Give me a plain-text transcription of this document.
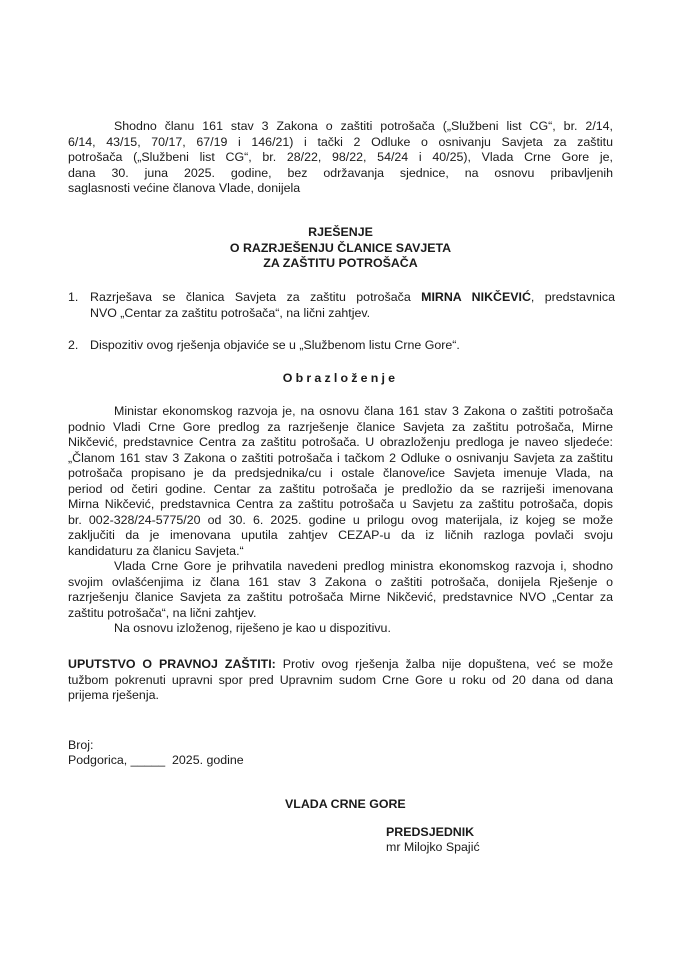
Shodno članu 161 stav 3 Zakona o zaštiti potrošača („Službeni list CG“, br. 2/14,
6/14, 43/15, 70/17, 67/19 i 146/21) i tački 2 Odluke o osnivanju Savjeta za zaštitu
potrošača („Službeni list CG“, br. 28/22, 98/22, 54/24 i 40/25), Vlada Crne Gore je,
dana 30. juna 2025. godine, bez održavanja sjednice, na osnovu pribavljenih
saglasnosti većine članova Vlade, donijela
RJEŠENJE
O RAZRJEŠENJU ČLANICE SAVJETA
ZA ZAŠTITU POTROŠAČA
1. Razrješava se članica Savjeta za zaštitu potrošača MIRNA NIKČEVIĆ, predstavnica
NVO „Centar za zaštitu potrošača“, na lični zahtjev.
2. Dispozitiv ovog rješenja objaviće se u „Službenom listu Crne Gore“.
Obrazloženje
Ministar ekonomskog razvoja je, na osnovu člana 161 stav 3 Zakona o zaštiti potrošača
podnio Vladi Crne Gore predlog za razrješenje članice Savjeta za zaštitu potrošača, Mirne
Nikčević, predstavnice Centra za zaštitu potrošača. U obrazloženju predloga je naveo sljedeće:
„Članom 161 stav 3 Zakona o zaštiti potrošača i tačkom 2 Odluke o osnivanju Savjeta za zaštitu
potrošača propisano je da predsjednika/cu i ostale članove/ice Savjeta imenuje Vlada, na
period od četiri godine. Centar za zaštitu potrošača je predložio da se razriješi imenovana
Mirna Nikčević, predstavnica Centra za zaštitu potrošača u Savjetu za zaštitu potrošača, dopis
br. 002-328/24-5775/20 od 30. 6. 2025. godine u prilogu ovog materijala, iz kojeg se može
zaključiti da je imenovana uputila zahtjev CEZAP-u da iz ličnih razloga povlači svoju
kandidaturu za članicu Savjeta.“
Vlada Crne Gore je prihvatila navedeni predlog ministra ekonomskog razvoja i, shodno
svojim ovlašćenjima iz člana 161 stav 3 Zakona o zaštiti potrošača, donijela Rješenje o
razrješenju članice Savjeta za zaštitu potrošača Mirne Nikčević, predstavnice NVO „Centar za
zaštitu potrošača“, na lični zahtjev.
Na osnovu izloženog, riješeno je kao u dispozitivu.
UPUTSTVO O PRAVNOJ ZAŠTITI: Protiv ovog rješenja žalba nije dopuštena, već se može
tužbom pokrenuti upravni spor pred Upravnim sudom Crne Gore u roku od 20 dana od dana
prijema rješenja.
Broj:
Podgorica, _____  2025. godine
VLADA CRNE GORE
PREDSJEDNIK
mr Milojko Spajić
